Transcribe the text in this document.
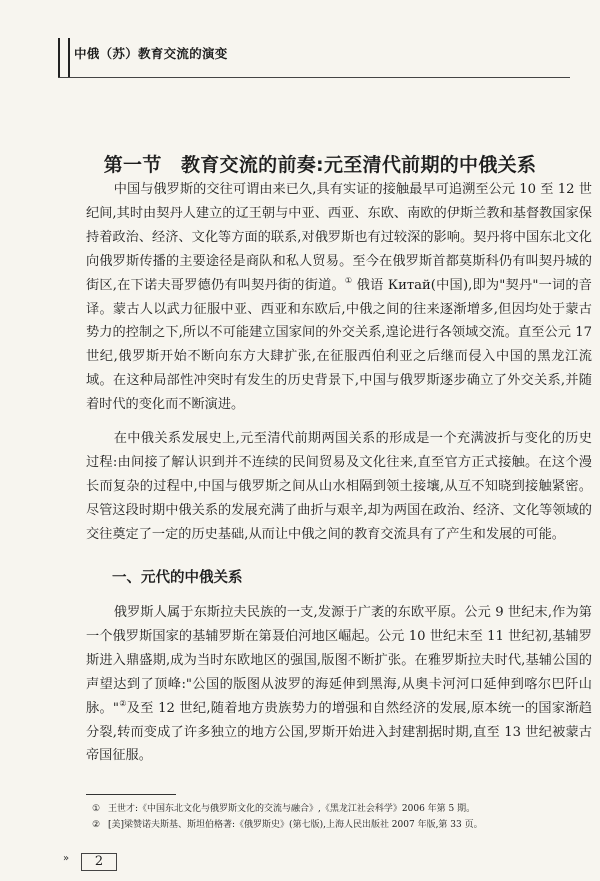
中俄（苏）教育交流的演变
第一节　教育交流的前奏:元至清代前期的中俄关系

中国与俄罗斯的交往可谓由来已久,具有实证的接触最早可追溯至公元 10 至 12 世纪间,其时由契丹人建立的辽王朝与中亚、西亚、东欧、南欧的伊斯兰教和基督教国家保持着政治、经济、文化等方面的联系,对俄罗斯也有过较深的影响。契丹将中国东北文化向俄罗斯传播的主要途径是商队和私人贸易。至今在俄罗斯首都莫斯科仍有叫契丹城的街区,在下诺夫哥罗德仍有叫契丹街的街道。① 俄语 Китай(中国),即为"契丹"一词的音译。蒙古人以武力征服中亚、西亚和东欧后,中俄之间的往来逐渐增多,但因均处于蒙古势力的控制之下,所以不可能建立国家间的外交关系,遑论进行各领域交流。直至公元 17 世纪,俄罗斯开始不断向东方大肆扩张,在征服西伯利亚之后继而侵入中国的黑龙江流域。在这种局部性冲突时有发生的历史背景下,中国与俄罗斯逐步确立了外交关系,并随着时代的变化而不断演进。

在中俄关系发展史上,元至清代前期两国关系的形成是一个充满波折与变化的历史过程:由间接了解认识到并不连续的民间贸易及文化往来,直至官方正式接触。在这个漫长而复杂的过程中,中国与俄罗斯之间从山水相隔到领土接壤,从互不知晓到接触紧密。尽管这段时期中俄关系的发展充满了曲折与艰辛,却为两国在政治、经济、文化等领域的交往奠定了一定的历史基础,从而让中俄之间的教育交流具有了产生和发展的可能。

一、元代的中俄关系

俄罗斯人属于东斯拉夫民族的一支,发源于广袤的东欧平原。公元 9 世纪末,作为第一个俄罗斯国家的基辅罗斯在第聂伯河地区崛起。公元 10 世纪末至 11 世纪初,基辅罗斯进入鼎盛期,成为当时东欧地区的强国,版图不断扩张。在雅罗斯拉夫时代,基辅公国的声望达到了顶峰:"公国的版图从波罗的海延伸到黑海,从奥卡河河口延伸到喀尔巴阡山脉。"②及至 12 世纪,随着地方贵族势力的增强和自然经济的发展,原本统一的国家渐趋分裂,转而变成了许多独立的地方公国,罗斯开始进入封建割据时期,直至 13 世纪被蒙古帝国征服。

① 王世才:《中国东北文化与俄罗斯文化的交流与融合》,《黑龙江社会科学》2006 年第 5 期。
② [美]梁赞诺夫斯基、斯坦伯格著:《俄罗斯史》(第七版),上海人民出版社 2007 年版,第 33 页。
»	2
